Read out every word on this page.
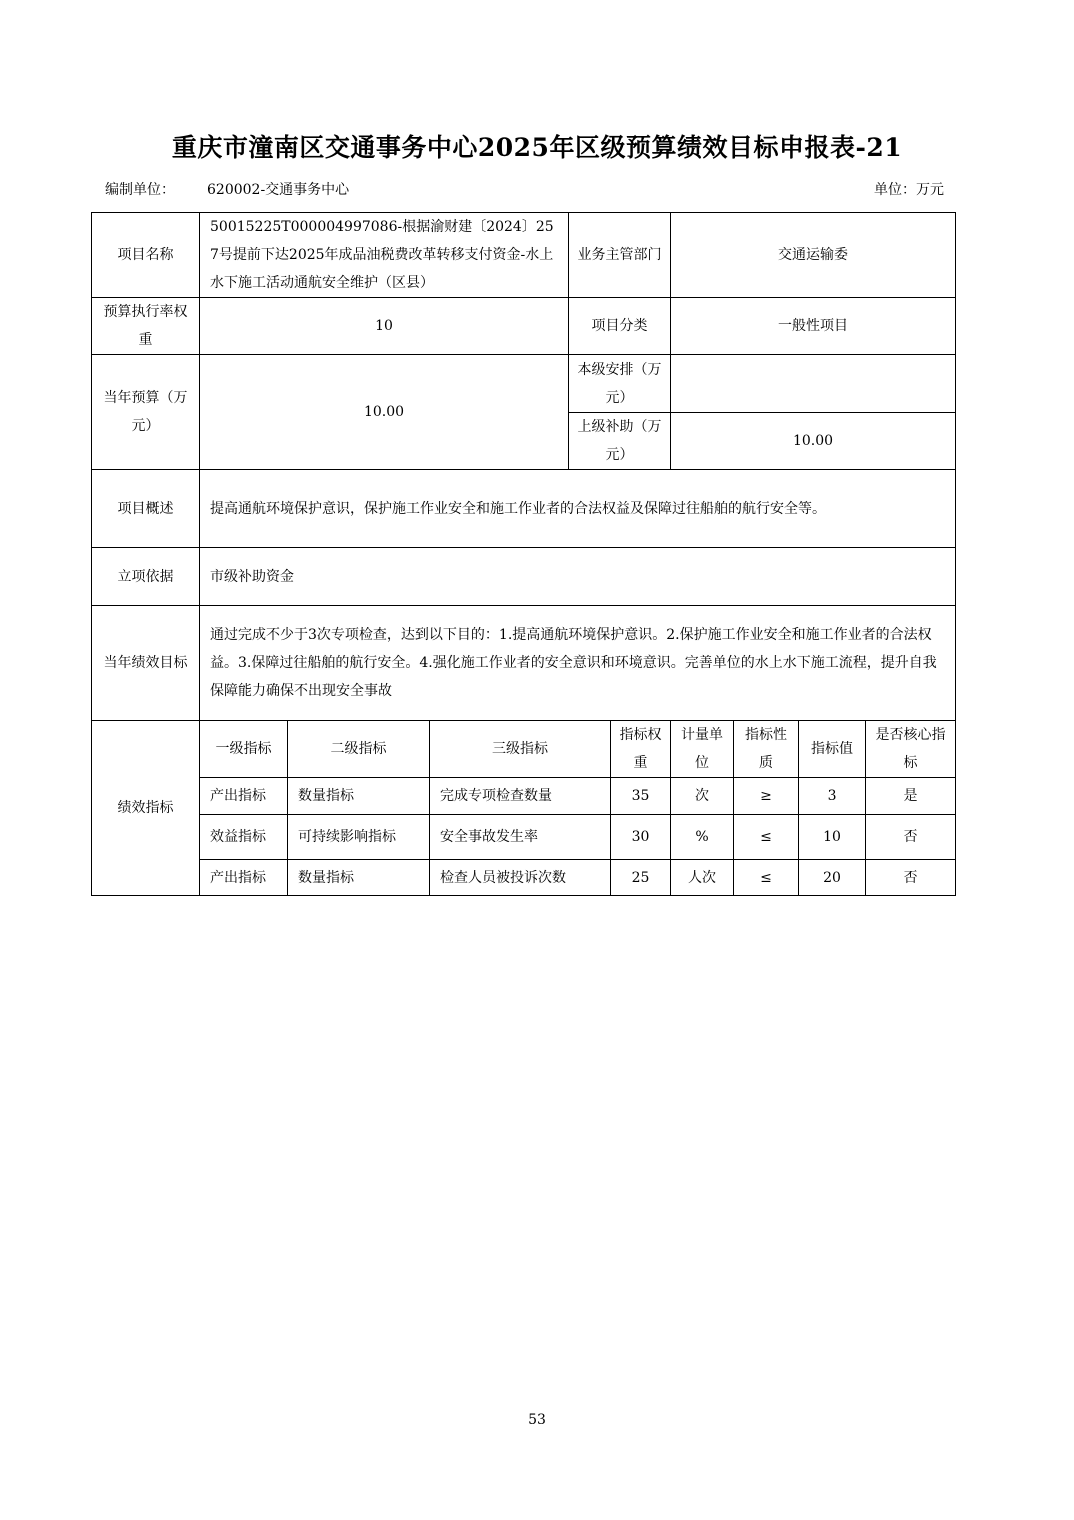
重庆市潼南区交通事务中心2025年区级预算绩效目标申报表-21
编制单位： 620002-交通事务中心	单位：万元
项目名称	50015225T000004997086-根据渝财建〔2024〕257号提前下达2025年成品油税费改革转移支付资金-水上水下施工活动通航安全维护（区县）			业务主管部门		交通运输委			
预算执行率权重	10			项目分类		一般性项目			
当年预算（万元）	10.00			本级安排（万元）					
				上级补助（万元）		10.00			
项目概述	提高通航环境保护意识，保护施工作业安全和施工作业者的合法权益及保障过往船舶的航行安全等。								
立项依据	市级补助资金								
当年绩效目标	通过完成不少于3次专项检查，达到以下目的：1.提高通航环境保护意识。2.保护施工作业安全和施工作业者的合法权益。3.保障过往船舶的航行安全。4.强化施工作业者的安全意识和环境意识。完善单位的水上水下施工流程，提升自我保障能力确保不出现安全事故								
绩效指标	一级指标	二级指标	三级指标		指标权重	计量单位	指标性质	指标值	是否核心指标
	产出指标	数量指标	完成专项检查数量		35	次	≥	3	是
	效益指标	可持续影响指标	安全事故发生率		30	%	≤	10	否
	产出指标	数量指标	检查人员被投诉次数		25	人次	≤	20	否
53
